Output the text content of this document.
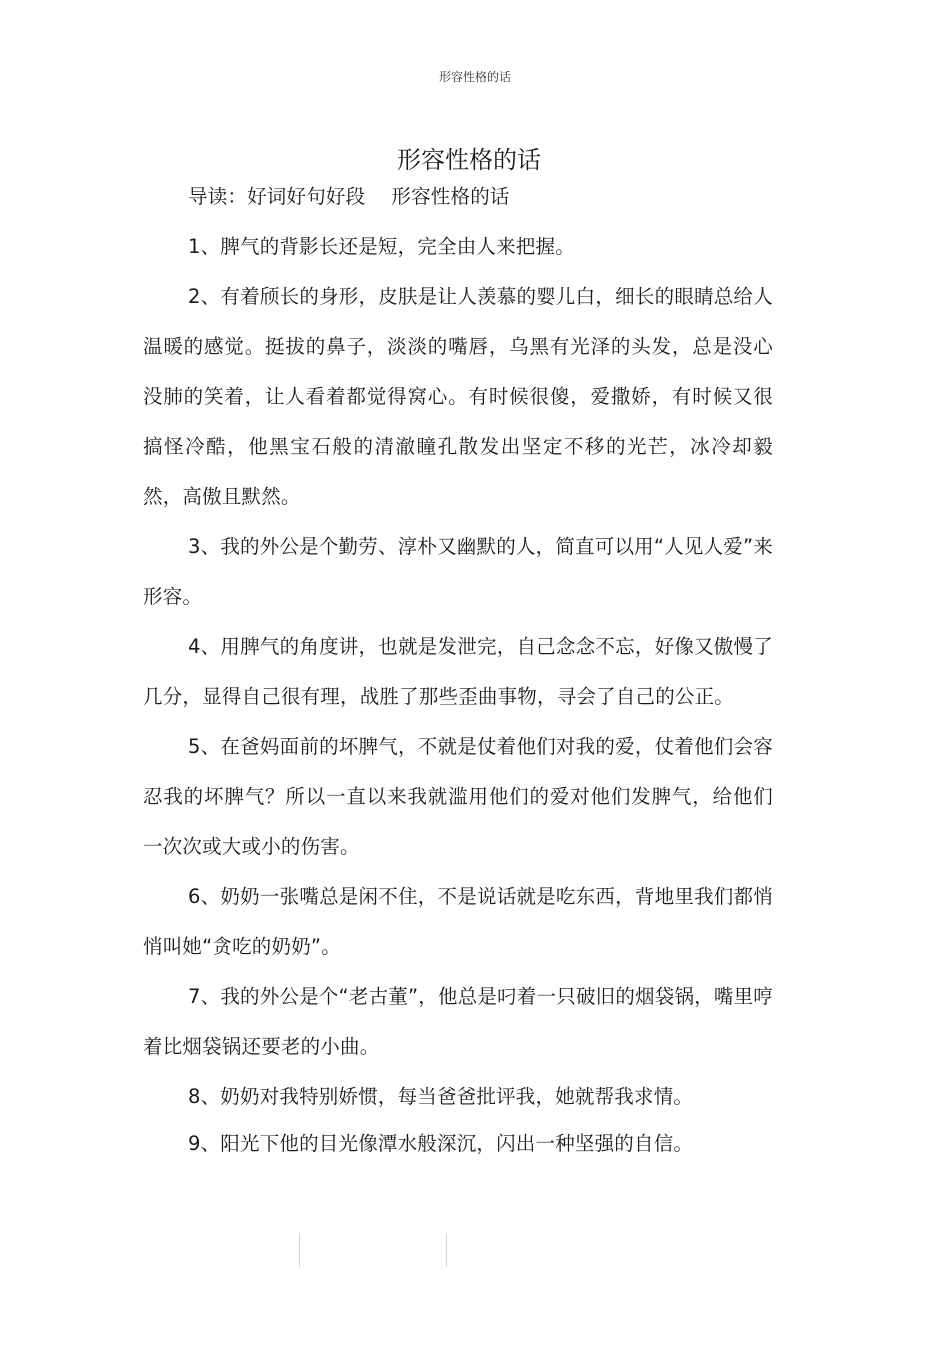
形容性格的话
形容性格的话

导读：好词好句好段　 形容性格的话

1、脾气的背影长还是短，完全由人来把握。

2、有着颀长的身形，皮肤是让人羡慕的婴儿白，细长的眼睛总给人温暖的感觉。挺拔的鼻子，淡淡的嘴唇，乌黑有光泽的头发，总是没心没肺的笑着，让人看着都觉得窝心。有时候很傻，爱撒娇，有时候又很搞怪冷酷，他黑宝石般的清澈瞳孔散发出坚定不移的光芒，冰冷却毅然，高傲且默然。

3、我的外公是个勤劳、淳朴又幽默的人，简直可以用“人见人爱”来形容。

4、用脾气的角度讲，也就是发泄完，自己念念不忘，好像又傲慢了几分，显得自己很有理，战胜了那些歪曲事物，寻会了自己的公正。

5、在爸妈面前的坏脾气，不就是仗着他们对我的爱，仗着他们会容忍我的坏脾气？所以一直以来我就滥用他们的爱对他们发脾气，给他们一次次或大或小的伤害。

6、奶奶一张嘴总是闲不住，不是说话就是吃东西，背地里我们都悄悄叫她“贪吃的奶奶”。

7、我的外公是个“老古董”，他总是叼着一只破旧的烟袋锅，嘴里哼着比烟袋锅还要老的小曲。

8、奶奶对我特别娇惯，每当爸爸批评我，她就帮我求情。

9、阳光下他的目光像潭水般深沉，闪出一种坚强的自信。
